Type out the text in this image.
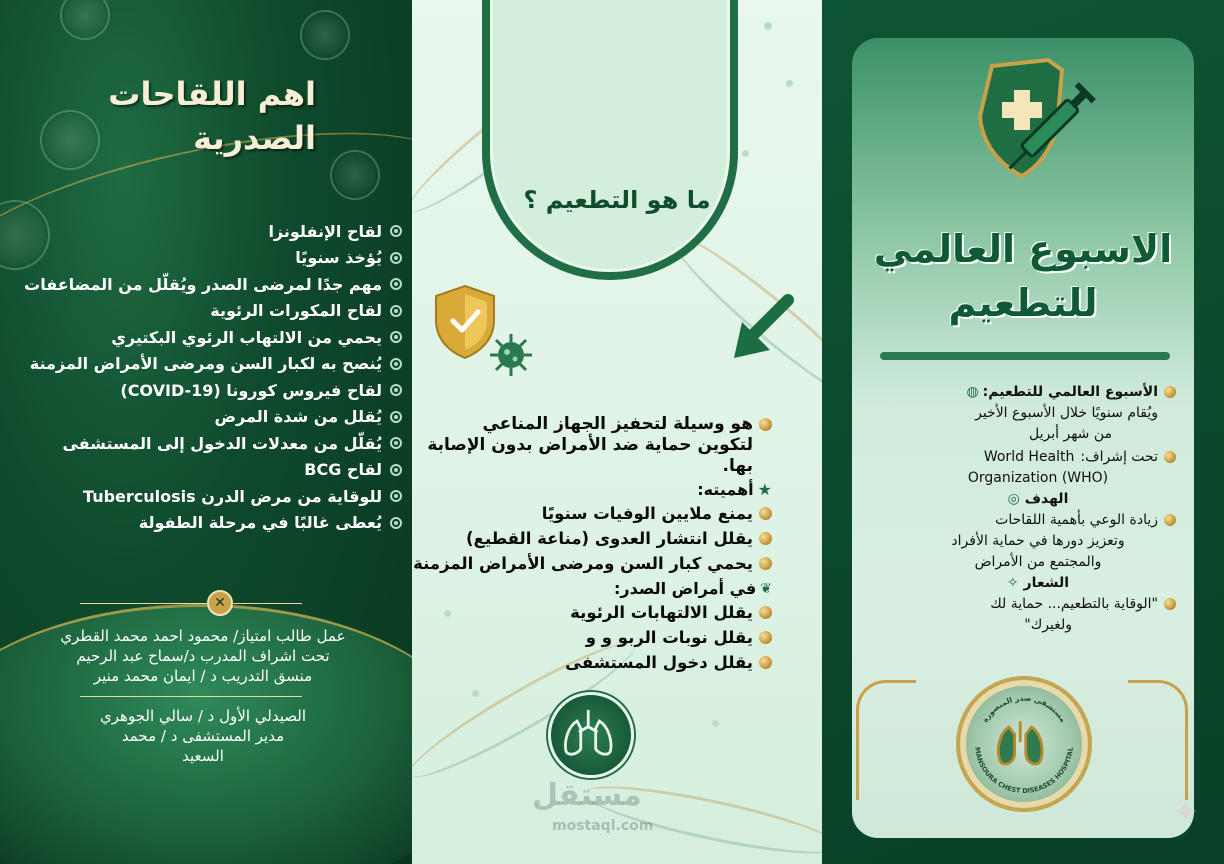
اهم اللقاحات
الصدرية
لقاح الإنفلونزا
يُؤخذ سنويًا
مهم جدًا لمرضى الصدر ويُقلّل من المضاعفات
لقاح المكورات الرئوية
يحمي من الالتهاب الرئوي البكتيري
يُنصح به لكبار السن ومرضى الأمراض المزمنة
لقاح فيروس كورونا (COVID-19)
يُقلل من شدة المرض
يُقلّل من معدلات الدخول إلى المستشفى
لقاح BCG
للوقاية من مرض الدرن Tuberculosis
يُعطى غالبًا في مرحلة الطفولة
✕
عمل طالب امتياز/ محمود احمد محمد القطري
تحت اشراف المدرب د/سماح عبد الرحيم
منسق التدريب د / ايمان محمد منير
الصيدلي الأول د / سالي الجوهري
مدير المستشفى د / محمد
السعيد
ما هو التطعيم ؟
هو وسيلة لتحفيز الجهاز المناعي لتكوين حماية ضد الأمراض بدون الإصابة بها.
★
أهميته:
يمنع ملايين الوفيات سنويًا
يقلل انتشار العدوى (مناعة القطيع)
يحمي كبار السن ومرضى الأمراض المزمنة
❦
في أمراض الصدر:
يقلل الالتهابات الرئوية
يقلل نوبات الربو و و
يقلل دخول المستشفى
مستقل
mostaql.com
الاسبوع العالمي
للتطعيم
الأسبوع العالمي للتطعيم:
◍
ويُقام سنويًا خلال الأسبوع الأخير
من شهر أبريل
تحت إشراف:
World Health
Organization (WHO)
الهدف ◎
زيادة الوعي بأهمية اللقاحات
وتعزيز دورها في حماية الأفراد
والمجتمع من الأمراض
الشعار ✧
"الوقاية بالتطعيم... حماية لك
ولغيرك"
مستشفى صدر المنصورة
MANSOURA CHEST DISEASES HOSPITAL
✦
